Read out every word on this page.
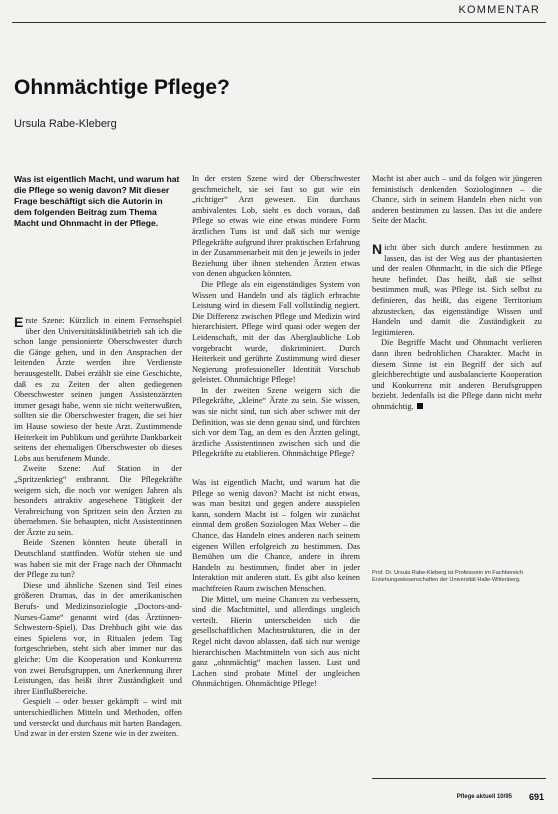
KOMMENTAR
Ohnmächtige Pflege?
Ursula Rabe-Kleberg

Was ist eigentlich Macht, und warum hat die Pflege so wenig davon? Mit dieser Frage beschäftigt sich die Autorin in dem folgenden Beitrag zum Thema Macht und Ohnmacht in der Pflege.

Erste Szene: Kürzlich in einem Fernsehspiel über den Universitätsklinikbetrieb sah ich die schon lange pensionierte Oberschwester durch die Gänge gehen, und in den Ansprachen der leitenden Ärzte werden ihre Verdienste herausgestellt. Dabei erzählt sie eine Geschichte, daß es zu Zeiten der alten gediegenen Oberschwester seinen jungen Assistenzärzten immer gesagt habe, wenn sie nicht weiterwußten, sollten sie die Oberschwester fragen, die sei hier im Hause sowieso der beste Arzt. Zustimmende Heiterkeit im Publikum und gerührte Dankbarkeit seitens der ehemaligen Oberschwester ob dieses Lobs aus berufenem Munde.

Zweite Szene: Auf Station in der „Spritzenkrieg“ entbrannt. Die Pflegekräfte weigern sich, die noch vor wenigen Jahren als besonders attraktiv angesehene Tätigkeit der Verabreichung von Spritzen sein den Ärzten zu übernehmen. Sie behaupten, nicht Assistentinnen der Ärzte zu sein.

Beide Szenen könnten heute überall in Deutschland stattfinden. Wofür stehen sie und was haben sie mit der Frage nach der Ohnmacht der Pflege zu tun?

Diese und ähnliche Szenen sind Teil eines größeren Dramas, das in der amerikanischen Berufs- und Medizinsoziologie „Doctors-and-Nurses-Game“ genannt wird (das Ärztinnen-Schwestern-Spiel). Das Drehbuch gibt wie das eines Spielens vor, in Ritualen jedem Tag fortgeschrieben, steht sich aber immer nur das gleiche: Um die Kooperation und Konkurrenz von zwei Berufsgruppen, um Anerkennung ihrer Leistungen, das heißt ihrer Zuständigkeit und ihrer Einflußbereiche.

Gespielt – oder besser gekämpft – wird mit unterschiedlichen Mitteln und Methoden, offen und versteckt und durchaus mit harten Bandagen. Und zwar in der ersten Szene wie in der zweiten.

In der ersten Szene wird der Oberschwester geschmeichelt, sie sei fast so gut wie ein „richtiger“ Arzt gewesen. Ein durchaus ambivalentes Lob, sieht es doch voraus, daß Pflege so etwas wie eine etwas mindere Form ärztlichen Tuns ist und daß sich nur wenige Pflegekräfte aufgrund ihrer praktischen Erfahrung in der Zusammenarbeit mit den je jeweils in jeder Beziehung über ihnen stehenden Ärzten etwas von denen abgucken könnten.

Die Pflege als ein eigenständiges System von Wissen und Handeln und als täglich erbrachte Leistung wird in diesem Fall vollständig negiert. Die Differenz zwischen Pflege und Medizin wird hierarchisiert. Pflege wird quasi oder wegen der Leidenschaft, mit der das Aberglaubliche Lob vorgebracht wurde, diskriminiert. Durch Heiterkeit und gerührte Zustimmung wird dieser Negierung professioneller Identität Vorschub geleistet. Ohnmächtige Pflege!

In der zweiten Szene weigern sich die Pflegekräfte, „kleine“ Ärzte zu sein. Sie wissen, was sie nicht sind, tun sich aber schwer mit der Definition, was sie denn genau sind, und fürchten sich vor dem Tag, an dem es den Ärzten gelingt, ärztliche Assistentinnen zwischen sich und die Pflegekräfte zu etablieren. Ohnmächtige Pflege?

Was ist eigentlich Macht, und warum hat die Pflege so wenig davon? Macht ist nicht etwas, was man besitzt und gegen andere ausspielen kann, sondern Macht ist – folgen wir zunächst einmal dem großen Soziologen Max Weber – die Chance, das Handeln eines anderen nach seinem eigenen Willen erfolgreich zu bestimmen. Das Bemühen um die Chance, andere in ihrem Handeln zu bestimmen, findet aber in jeder Interaktion mit anderen statt. Es gibt also keinen machtfreien Raum zwischen Menschen.

Die Mittel, um meine Chancen zu verbessern, sind die Machtmittel, und allerdings ungleich verteilt. Hierin unterscheiden sich die gesellschaftlichen Machtstrukturen, die in der Regel nicht davon ablassen, daß sich nur wenige hierarchischen Machtmitteln von sich aus nicht ganz „ohnmächtig“ machen lassen. Lust und Lachen sind probate Mittel der ungleichen Ohnmächtigen. Ohnmächtige Pflege!

Macht ist aber auch – und da folgen wir jüngeren feministisch denkenden Soziologinnen – die Chance, sich in seinem Handeln eben nicht von anderen bestimmen zu lassen. Das ist die andere Seite der Macht.

Nicht über sich durch andere bestimmen zu lassen, das ist der Weg aus der phantasierten und der realen Ohnmacht, in die sich die Pflege heute befindet. Das heißt, daß sie selbst bestimmen muß, was Pflege ist. Sich selbst zu definieren, das heißt, das eigene Territorium abzustecken, das eigenständige Wissen und Handeln und damit die Zuständigkeit zu legitimieren.

Die Begriffe Macht und Ohnmacht verlieren dann ihren bedrohlichen Charakter. Macht in diesem Sinne ist ein Begriff der sich auf gleichberechtigte und ausbalancierte Kooperation und Konkurrenz mit anderen Berufsgruppen bezieht. Jedenfalls ist die Pflege dann nicht mehr ohnmächtig.

Prof. Dr. Ursula Rabe-Kleberg ist Professorin im Fachbereich Erziehungswissenschaften der Universität Halle-Wittenberg.
Pflege aktuell 10/95 691
